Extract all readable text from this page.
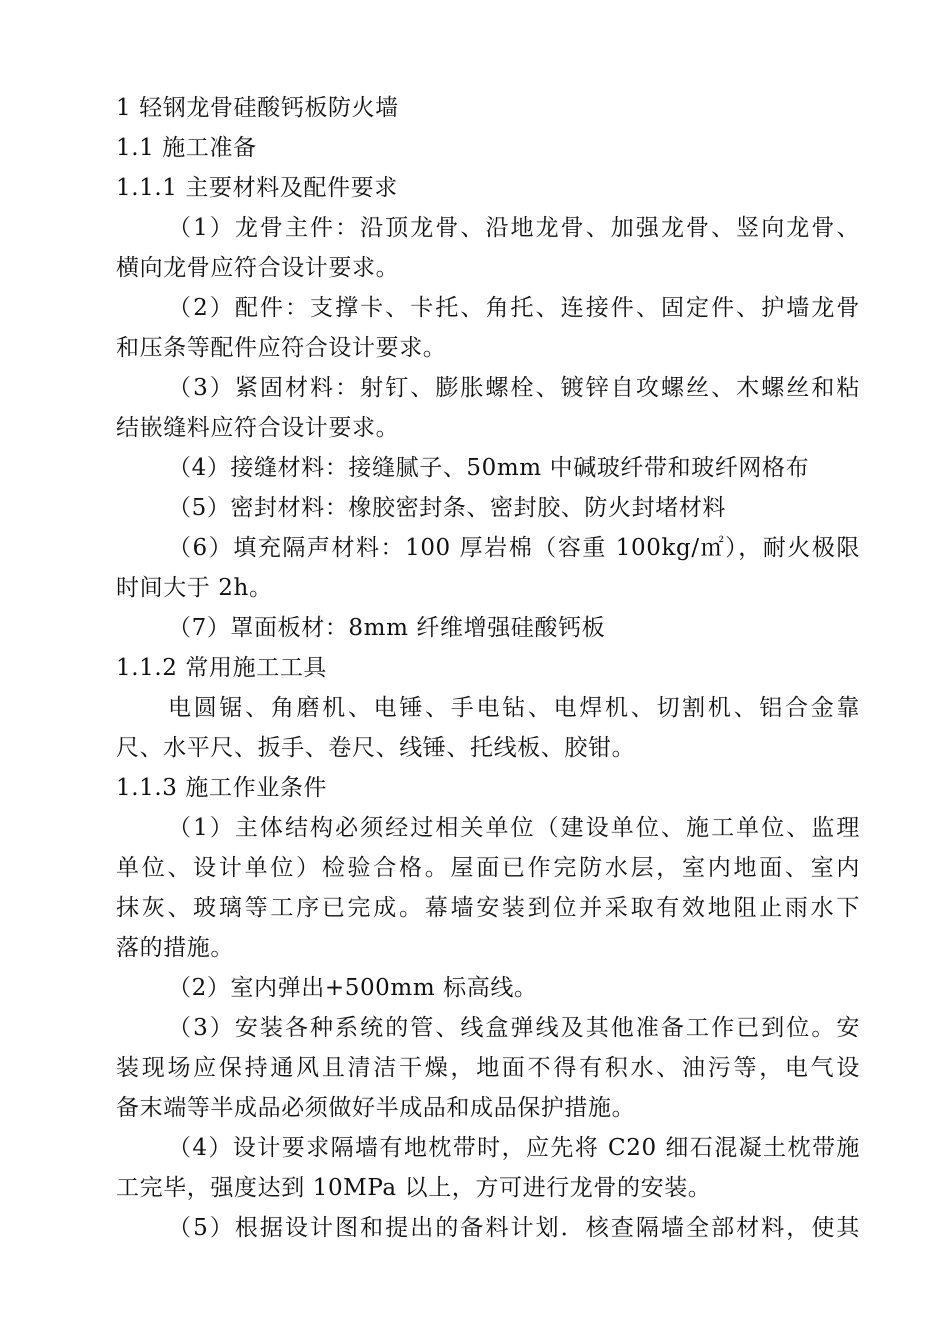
1 轻钢龙骨硅酸钙板防火墙
1.1 施工准备
1.1.1 主要材料及配件要求
（1）龙骨主件：沿顶龙骨、沿地龙骨、加强龙骨、竖向龙骨、
横向龙骨应符合设计要求。
（2）配件：支撑卡、卡托、角托、连接件、固定件、护墙龙骨
和压条等配件应符合设计要求。
（3）紧固材料：射钉、膨胀螺栓、镀锌自攻螺丝、木螺丝和粘
结嵌缝料应符合设计要求。
（4）接缝材料：接缝腻子、50mm 中碱玻纤带和玻纤网格布
（5）密封材料：橡胶密封条、密封胶、防火封堵材料
（6）填充隔声材料：100 厚岩棉（容重 100kg/㎡），耐火极限
时间大于 2h。
（7）罩面板材：8mm 纤维增强硅酸钙板
1.1.2 常用施工工具
电圆锯、角磨机、电锤、手电钻、电焊机、切割机、铝合金靠
尺、水平尺、扳手、卷尺、线锤、托线板、胶钳。
1.1.3 施工作业条件
（1）主体结构必须经过相关单位（建设单位、施工单位、监理
单位、设计单位）检验合格。屋面已作完防水层，室内地面、室内
抹灰、玻璃等工序已完成。幕墙安装到位并采取有效地阻止雨水下
落的措施。
（2）室内弹出+500mm 标高线。
（3）安装各种系统的管、线盒弹线及其他准备工作已到位。安
装现场应保持通风且清洁干燥，地面不得有积水、油污等，电气设
备末端等半成品必须做好半成品和成品保护措施。
（4）设计要求隔墙有地枕带时，应先将 C20 细石混凝土枕带施
工完毕，强度达到 10MPa 以上，方可进行龙骨的安装。
（5）根据设计图和提出的备料计划．核查隔墙全部材料，使其
